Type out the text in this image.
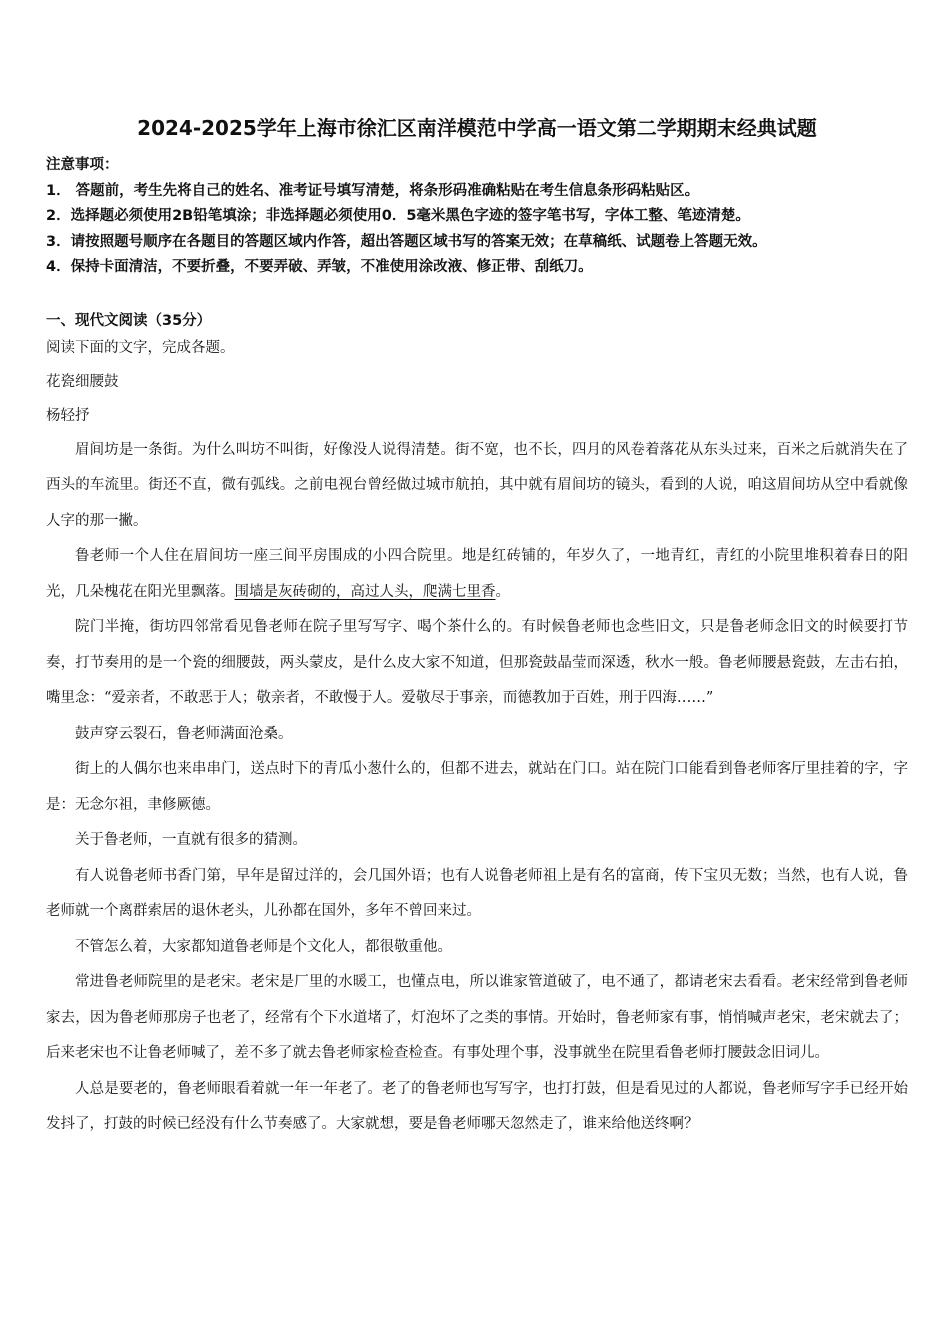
2024-2025学年上海市徐汇区南洋模范中学高一语文第二学期期末经典试题
注意事项：
1． 答题前，考生先将自己的姓名、准考证号填写清楚，将条形码准确粘贴在考生信息条形码粘贴区。
2．选择题必须使用2B铅笔填涂；非选择题必须使用0．5毫米黑色字迹的签字笔书写，字体工整、笔迹清楚。
3．请按照题号顺序在各题目的答题区域内作答，超出答题区域书写的答案无效；在草稿纸、试题卷上答题无效。
4．保持卡面清洁，不要折叠，不要弄破、弄皱，不准使用涂改液、修正带、刮纸刀。
一、现代文阅读（35分）
阅读下面的文字，完成各题。
花瓷细腰鼓
杨轻抒

眉间坊是一条街。为什么叫坊不叫街，好像没人说得清楚。街不宽，也不长，四月的风卷着落花从东头过来，百米之后就消失在了西头的车流里。街还不直，微有弧线。之前电视台曾经做过城市航拍，其中就有眉间坊的镜头，看到的人说，咱这眉间坊从空中看就像人字的那一撇。

鲁老师一个人住在眉间坊一座三间平房围成的小四合院里。地是红砖铺的，年岁久了，一地青红，青红的小院里堆积着春日的阳光，几朵槐花在阳光里飘落。围墙是灰砖砌的，高过人头，爬满七里香。

院门半掩，街坊四邻常看见鲁老师在院子里写写字、喝个茶什么的。有时候鲁老师也念些旧文，只是鲁老师念旧文的时候要打节奏，打节奏用的是一个瓷的细腰鼓，两头蒙皮，是什么皮大家不知道，但那瓷鼓晶莹而深透，秋水一般。鲁老师腰悬瓷鼓，左击右拍，嘴里念：“爱亲者，不敢恶于人；敬亲者，不敢慢于人。爱敬尽于事亲，而德教加于百姓，刑于四海……”

鼓声穿云裂石，鲁老师满面沧桑。

街上的人偶尔也来串串门，送点时下的青瓜小葱什么的，但都不进去，就站在门口。站在院门口能看到鲁老师客厅里挂着的字，字是：无念尔祖，聿修厥德。

关于鲁老师，一直就有很多的猜测。

有人说鲁老师书香门第，早年是留过洋的，会几国外语；也有人说鲁老师祖上是有名的富商，传下宝贝无数；当然，也有人说，鲁老师就一个离群索居的退休老头，儿孙都在国外，多年不曾回来过。

不管怎么着，大家都知道鲁老师是个文化人，都很敬重他。

常进鲁老师院里的是老宋。老宋是厂里的水暖工，也懂点电，所以谁家管道破了，电不通了，都请老宋去看看。老宋经常到鲁老师家去，因为鲁老师那房子也老了，经常有个下水道堵了，灯泡坏了之类的事情。开始时，鲁老师家有事，悄悄喊声老宋，老宋就去了；后来老宋也不让鲁老师喊了，差不多了就去鲁老师家检查检查。有事处理个事，没事就坐在院里看鲁老师打腰鼓念旧词儿。

人总是要老的，鲁老师眼看着就一年一年老了。老了的鲁老师也写写字，也打打鼓，但是看见过的人都说，鲁老师写字手已经开始发抖了，打鼓的时候已经没有什么节奏感了。大家就想，要是鲁老师哪天忽然走了，谁来给他送终啊？
